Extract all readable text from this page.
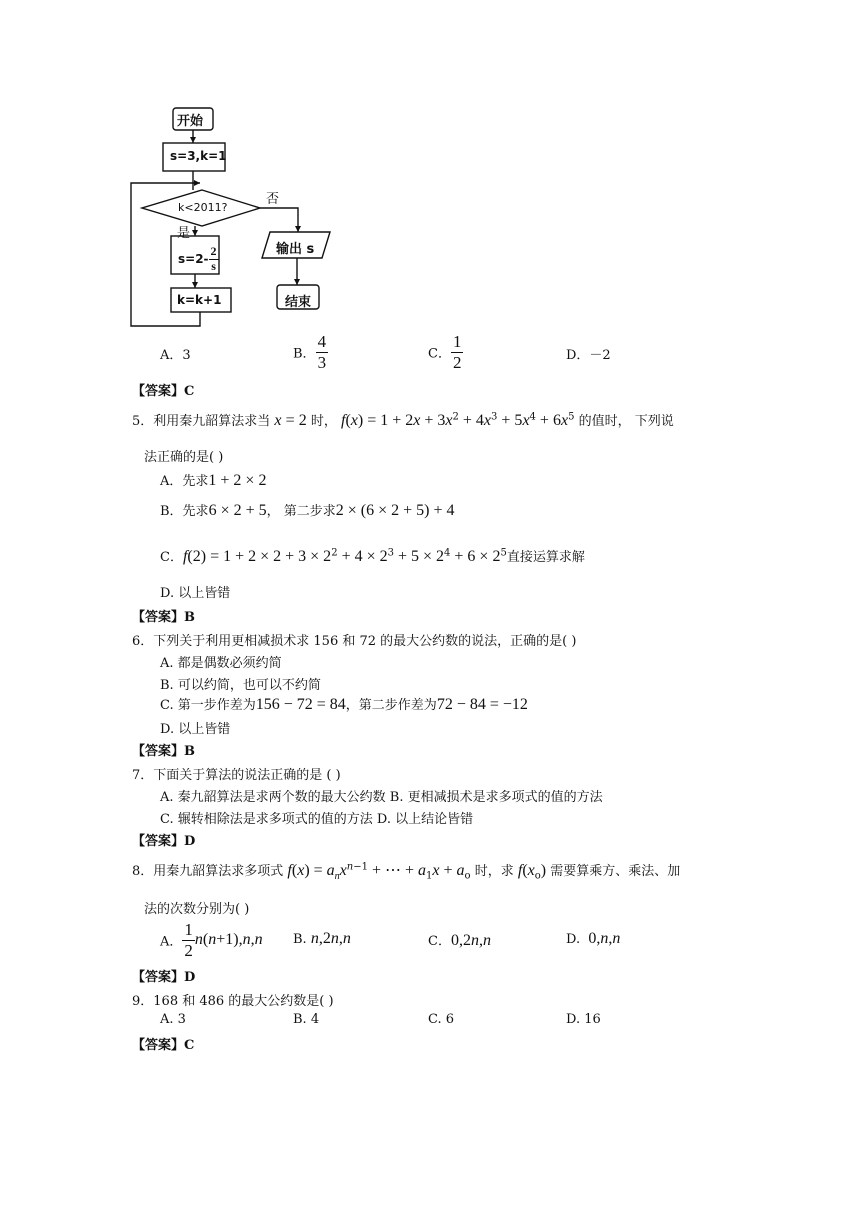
开始
s=3,k=1
k<2011?
否
是
$s=2- \frac{2}{s}$
k=k+1
输出 s
结束
A．3	B． $\frac{4}{3}$	C． $\frac{1}{2}$	D．－2
【答案】C
5．利用秦九韶算法求当 x = 2 时， $f(x) = 1 + 2x + 3x^2 + 4x^3 + 5x^4 + 6x^5$ 的值时， 下列说
法正确的是( )
A．先求1 + 2 × 2
B．先求6 × 2 + 5， 第二步求2 × (6 × 2 + 5) + 4
C．$f(2) = 1 + 2 \times 2 + 3 \times 2^2 + 4 \times 2^3 + 5 \times 2^4 + 6 \times 2^5$直接运算求解
D. 以上皆错
【答案】B
6．下列关于利用更相减损术求 156 和 72 的最大公约数的说法，正确的是( )
A. 都是偶数必须约简
B. 可以约简，也可以不约简
C. 第一步作差为156 − 72 = 84，第二步作差为72 − 84 = −12
D. 以上皆错
【答案】B
7．下面关于算法的说法正确的是 ( )
A. 秦九韶算法是求两个数的最大公约数 B. 更相减损术是求多项式的值的方法
C. 辗转相除法是求多项式的值的方法 D. 以上结论皆错
【答案】D
8．用秦九韶算法求多项式 $f(x) = a_nx^{n-1}$ + ⋯ + $a_1x + a_o$ 时，求 $f(x_o)$ 需要算乘方、乘法、加
法的次数分别为( )
A． $\frac{1}{2} n(n+1),n,n$ B. n,2n,n	C．0,2n,n	D. 0,n,n
【答案】D
9．168 和 486 的最大公约数是( )
A. 3	B. 4	C. 6	D. 16
【答案】C
